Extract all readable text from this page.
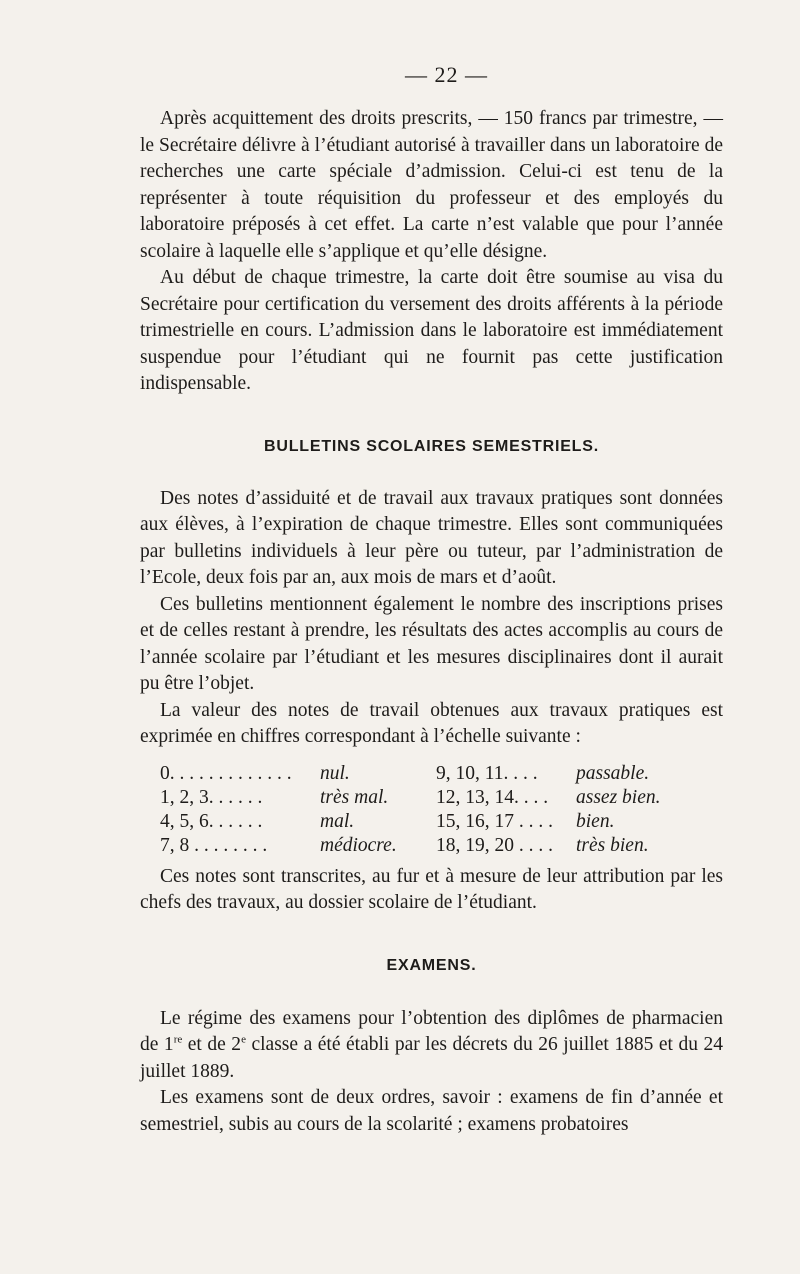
— 22 —

Après acquittement des droits prescrits, — 150 francs par trimestre, — le Secrétaire délivre à l’étudiant autorisé à travailler dans un laboratoire de recherches une carte spéciale d’admission. Celui-ci est tenu de la représenter à toute réquisition du professeur et des employés du laboratoire préposés à cet effet. La carte n’est valable que pour l’année scolaire à laquelle elle s’applique et qu’elle désigne.

Au début de chaque trimestre, la carte doit être soumise au visa du Secrétaire pour certification du versement des droits afférents à la période trimestrielle en cours. L’admission dans le laboratoire est immédiatement suspendue pour l’étudiant qui ne fournit pas cette justification indispensable.

BULLETINS SCOLAIRES SEMESTRIELS.

Des notes d’assiduité et de travail aux travaux pratiques sont données aux élèves, à l’expiration de chaque trimestre. Elles sont communiquées par bulletins individuels à leur père ou tuteur, par l’administration de l’Ecole, deux fois par an, aux mois de mars et d’août.

Ces bulletins mentionnent également le nombre des inscriptions prises et de celles restant à prendre, les résultats des actes accomplis au cours de l’année scolaire par l’étudiant et les mesures disciplinaires dont il aurait pu être l’objet.

La valeur des notes de travail obtenues aux travaux pratiques est exprimée en chiffres correspondant à l’échelle suivante :

0. . . . . . . . . . . . .	nul.	9, 10, 11. . . .	passable.
1, 2, 3. . . . . .	très mal.	12, 13, 14. . . .	assez bien.
4, 5, 6. . . . . .	mal.	15, 16, 17 . . . .	bien.
7, 8 . . . . . . . .	médiocre.	18, 19, 20 . . . .	très bien.

Ces notes sont transcrites, au fur et à mesure de leur attribution par les chefs des travaux, au dossier scolaire de l’étudiant.

EXAMENS.

Le régime des examens pour l’obtention des diplômes de pharmacien de 1re et de 2e classe a été établi par les décrets du 26 juillet 1885 et du 24 juillet 1889.

Les examens sont de deux ordres, savoir : examens de fin d’année et semestriel, subis au cours de la scolarité ; examens probatoires
